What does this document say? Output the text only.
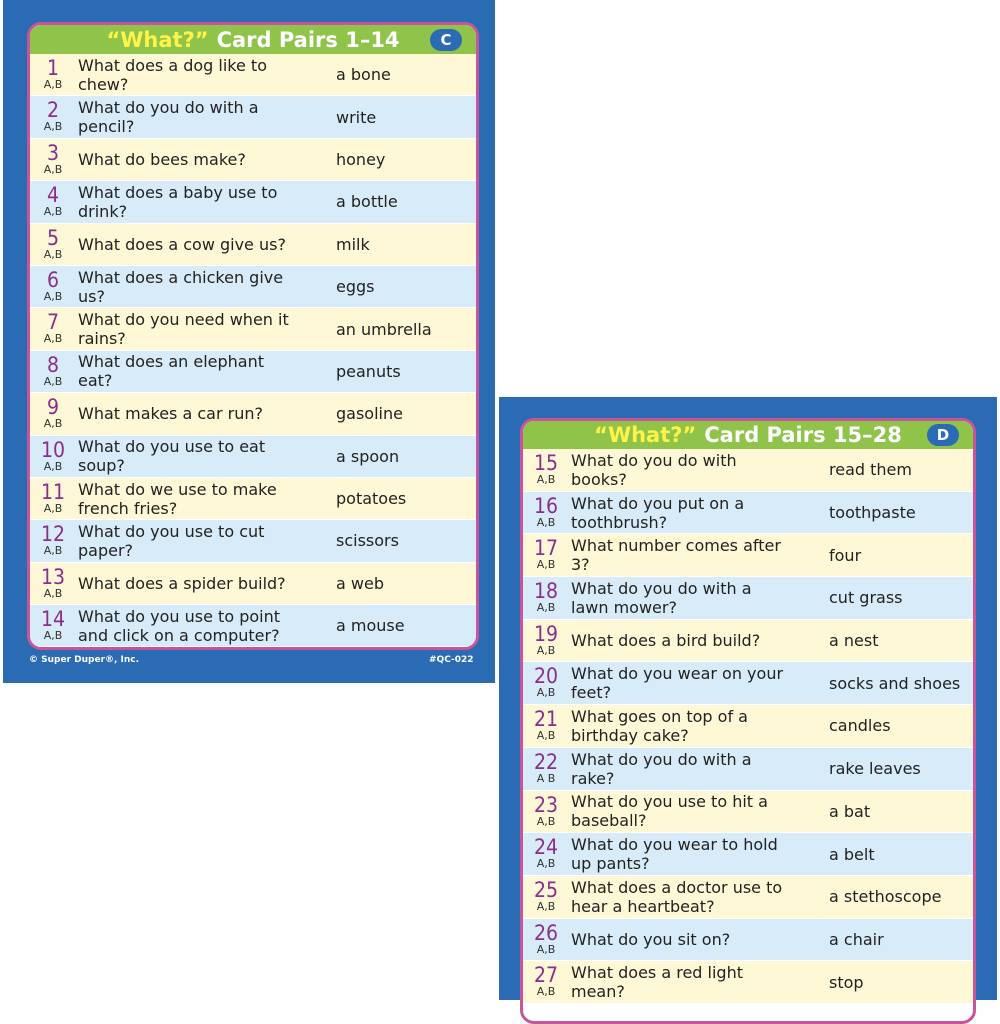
“What?” Card Pairs 1–14	C
1
A,B
What does a dog like to chew?	a bone
2
A,B
What do you do with a pencil?	write
3
A,B
What do bees make?	honey
4
A,B
What does a baby use to drink?	a bottle
5
A,B
What does a cow give us?	milk
6
A,B
What does a chicken give us?	eggs
7
A,B
What do you need when it rains?	an umbrella
8
A,B
What does an elephant eat?	peanuts
9
A,B
What makes a car run?	gasoline
10
A,B
What do you use to eat soup?	a spoon
11
A,B
What do we use to make french fries?	potatoes
12
A,B
What do you use to cut paper?	scissors
13
A,B
What does a spider build?	a web
14
A,B
What do you use to point and click on a computer?	a mouse
© Super Duper®, Inc.	#QC-022
“What?” Card Pairs 15–28	D
15
A,B
What do you do with books?	read them
16
A,B
What do you put on a toothbrush?	toothpaste
17
A,B
What number comes after 3?	four
18
A,B
What do you do with a lawn mower?	cut grass
19
A,B
What does a bird build?	a nest
20
A,B
What do you wear on your feet?	socks and shoes
21
A,B
What goes on top of a birthday cake?	candles
22
A B
What do you do with a rake?	rake leaves
23
A,B
What do you use to hit a baseball?	a bat
24
A,B
What do you wear to hold up pants?	a belt
25
A,B
What does a doctor use to hear a heartbeat?	a stethoscope
26
A,B
What do you sit on?	a chair
27
A,B
What does a red light mean?	stop
